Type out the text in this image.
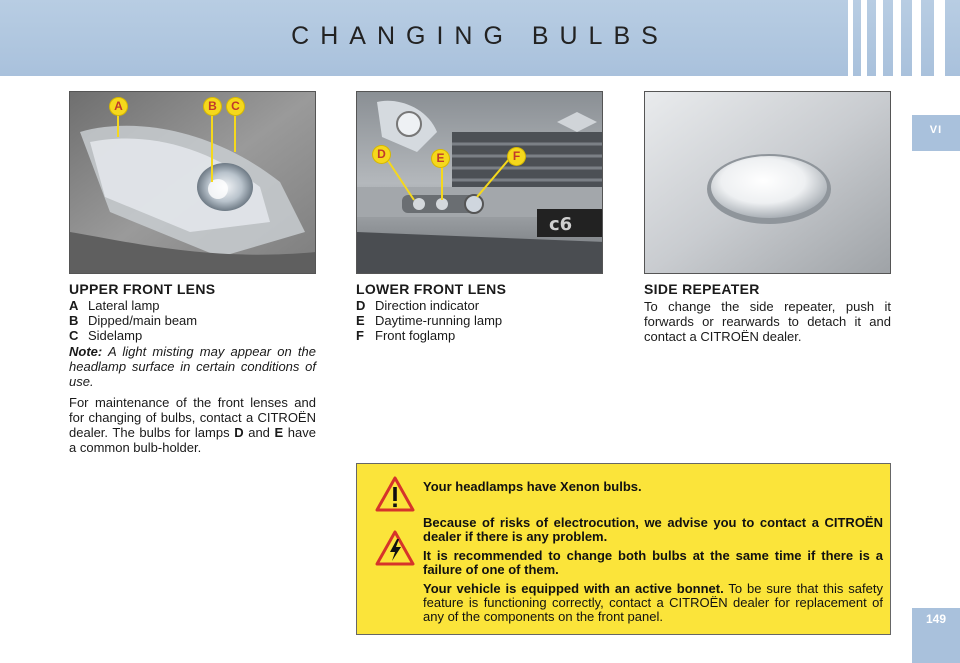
CHANGING BULBS
VI
149
A	B	C
c6
D	E	F
UPPER FRONT LENS
A Lateral lamp
B Dipped/main beam
C Sidelamp
Note: A light misting may appear on the headlamp surface in certain conditions of use.
For maintenance of the front lenses and for changing of bulbs, contact a CITROËN dealer. The bulbs for lamps D and E have a common bulb-holder.
LOWER FRONT LENS
D Direction indicator
E Daytime-running lamp
F Front foglamp
SIDE REPEATER
To change the side repeater, push it forwards or rearwards to detach it and contact a CITROËN dealer.

Your headlamps have Xenon bulbs.

Because of risks of electrocution, we advise you to contact a CITROËN dealer if there is any problem.

It is recommended to change both bulbs at the same time if there is a failure of one of them.

Your vehicle is equipped with an active bonnet. To be sure that this safety feature is functioning correctly, contact a CITROËN dealer for replacement of any of the components on the front panel.
